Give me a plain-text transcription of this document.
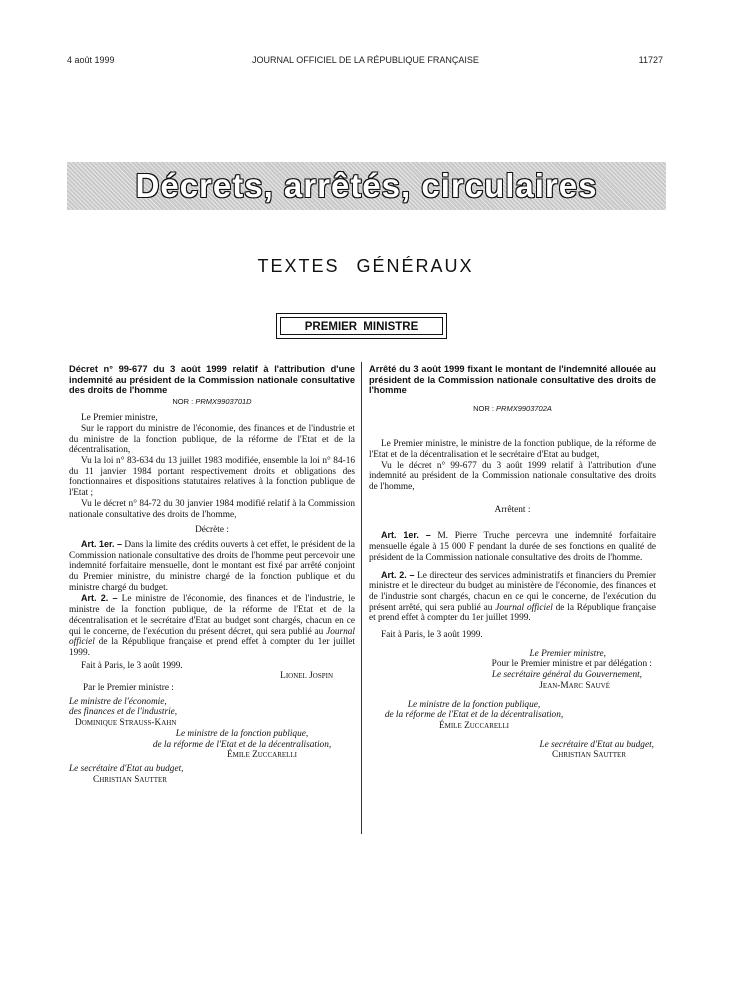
4 août 1999	JOURNAL OFFICIEL DE LA RÉPUBLIQUE FRANÇAISE	11727
Décrets, arrêtés, circulaires
TEXTES GÉNÉRAUX
PREMIER MINISTRE
Décret n° 99-677 du 3 août 1999 relatif à l'attribution d'une indemnité au président de la Commission nationale consultative des droits de l'homme
NOR : PRMX9903701D

Le Premier ministre,

Sur le rapport du ministre de l'économie, des finances et de l'industrie et du ministre de la fonction publique, de la réforme de l'Etat et de la décentralisation,

Vu la loi n° 83-634 du 13 juillet 1983 modifiée, ensemble la loi n° 84-16 du 11 janvier 1984 portant respectivement droits et obligations des fonctionnaires et dispositions statutaires relatives à la fonction publique de l'Etat ;

Vu le décret n° 84-72 du 30 janvier 1984 modifié relatif à la Commission nationale consultative des droits de l'homme,

Décrète :

Art. 1er. – Dans la limite des crédits ouverts à cet effet, le président de la Commission nationale consultative des droits de l'homme peut percevoir une indemnité forfaitaire mensuelle, dont le montant est fixé par arrêté conjoint du Premier ministre, du ministre chargé de la fonction publique et du ministre chargé du budget.

Art. 2. – Le ministre de l'économie, des finances et de l'industrie, le ministre de la fonction publique, de la réforme de l'Etat et de la décentralisation et le secrétaire d'Etat au budget sont chargés, chacun en ce qui le concerne, de l'exécution du présent décret, qui sera publié au Journal officiel de la République française et prend effet à compter du 1er juillet 1999.

Fait à Paris, le 3 août 1999.

Lionel Jospin

Par le Premier ministre :

Le ministre de l'économie,
des finances et de l'industrie,
Dominique Strauss-Kahn
Le ministre de la fonction publique,
de la réforme de l'Etat et de la décentralisation,
Émile Zuccarelli
Le secrétaire d'Etat au budget,
Christian Sautter
Arrêté du 3 août 1999 fixant le montant de l'indemnité allouée au président de la Commission nationale consultative des droits de l'homme
NOR : PRMX9903702A

Le Premier ministre, le ministre de la fonction publique, de la réforme de l'Etat et de la décentralisation et le secrétaire d'Etat au budget,

Vu le décret n° 99-677 du 3 août 1999 relatif à l'attribution d'une indemnité au président de la Commission nationale consultative des droits de l'homme,

Arrêtent :

Art. 1er. – M. Pierre Truche percevra une indemnité forfaitaire mensuelle égale à 15 000 F pendant la durée de ses fonctions en qualité de président de la Commission nationale consultative des droits de l'homme.

Art. 2. – Le directeur des services administratifs et financiers du Premier ministre et le directeur du budget au ministère de l'économie, des finances et de l'industrie sont chargés, chacun en ce qui le concerne, de l'exécution du présent arrêté, qui sera publié au Journal officiel de la République française et prend effet à compter du 1er juillet 1999.

Fait à Paris, le 3 août 1999.

Le Premier ministre,
Pour le Premier ministre et par délégation :
Le secrétaire général du Gouvernement,
Jean-Marc Sauvé
Le ministre de la fonction publique,
de la réforme de l'Etat et de la décentralisation,
Émile Zuccarelli
Le secrétaire d'Etat au budget,
Christian Sautter
